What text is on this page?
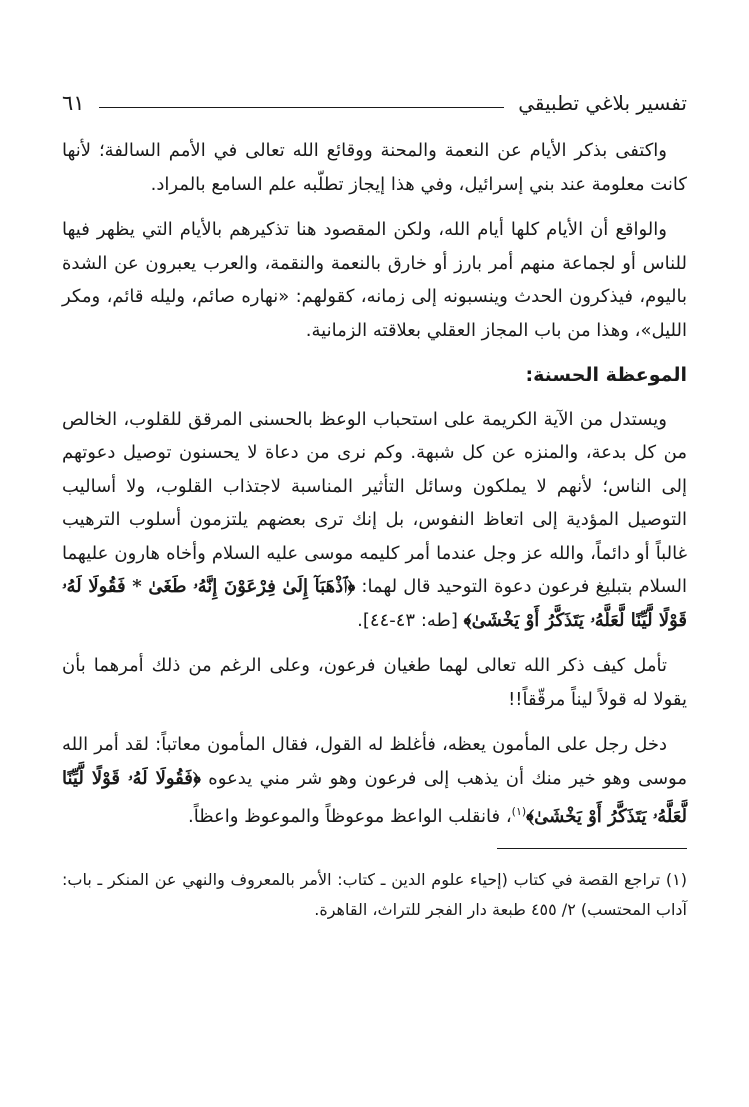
تفسير بلاغي تطبيقي
٦١

واكتفى بذكر الأيام عن النعمة والمحنة ووقائع الله تعالى في الأمم السالفة؛ لأنها كانت معلومة عند بني إسرائيل، وفي هذا إيجاز تطلّبه علم السامع بالمراد.

والواقع أن الأيام كلها أيام الله، ولكن المقصود هنا تذكيرهم بالأيام التي يظهر فيها للناس أو لجماعة منهم أمر بارز أو خارق بالنعمة والنقمة، والعرب يعبرون عن الشدة باليوم، فيذكرون الحدث وينسبونه إلى زمانه، كقولهم: «نهاره صائم، وليله قائم، ومكر الليل»، وهذا من باب المجاز العقلي بعلاقته الزمانية.

الموعظة الحسنة:

ويستدل من الآية الكريمة على استحباب الوعظ بالحسنى المرقق للقلوب، الخالص من كل بدعة، والمنزه عن كل شبهة. وكم نرى من دعاة لا يحسنون توصيل دعوتهم إلى الناس؛ لأنهم لا يملكون وسائل التأثير المناسبة لاجتذاب القلوب، ولا أساليب التوصيل المؤدية إلى اتعاظ النفوس، بل إنك ترى بعضهم يلتزمون أسلوب الترهيب غالباً أو دائماً، والله عز وجل عندما أمر كليمه موسى عليه السلام وأخاه هارون عليهما السلام بتبليغ فرعون دعوة التوحيد قال لهما: ﴿ٱذْهَبَآ إِلَىٰ فِرْعَوْنَ إِنَّهُۥ طَغَىٰ * فَقُولَا لَهُۥ قَوْلًا لَّيِّنًا لَّعَلَّهُۥ يَتَذَكَّرُ أَوْ يَخْشَىٰ﴾ [طه: ٤٣-٤٤].

تأمل كيف ذكر الله تعالى لهما طغيان فرعون، وعلى الرغم من ذلك أمرهما بأن يقولا له قولاً ليناً مرقّقاً!!

دخل رجل على المأمون يعظه، فأغلظ له القول، فقال المأمون معاتباً: لقد أمر الله موسى وهو خير منك أن يذهب إلى فرعون وهو شر مني يدعوه ﴿فَقُولَا لَهُۥ قَوْلًا لَّيِّنًا لَّعَلَّهُۥ يَتَذَكَّرُ أَوْ يَخْشَىٰ﴾$^{(١)}$، فانقلب الواعظ موعوظاً والموعوظ واعظاً.

(١) تراجع القصة في كتاب (إحياء علوم الدين ـ كتاب: الأمر بالمعروف والنهي عن المنكر ـ باب: آداب المحتسب) ٢/ ٤٥٥ طبعة دار الفجر للتراث، القاهرة.
